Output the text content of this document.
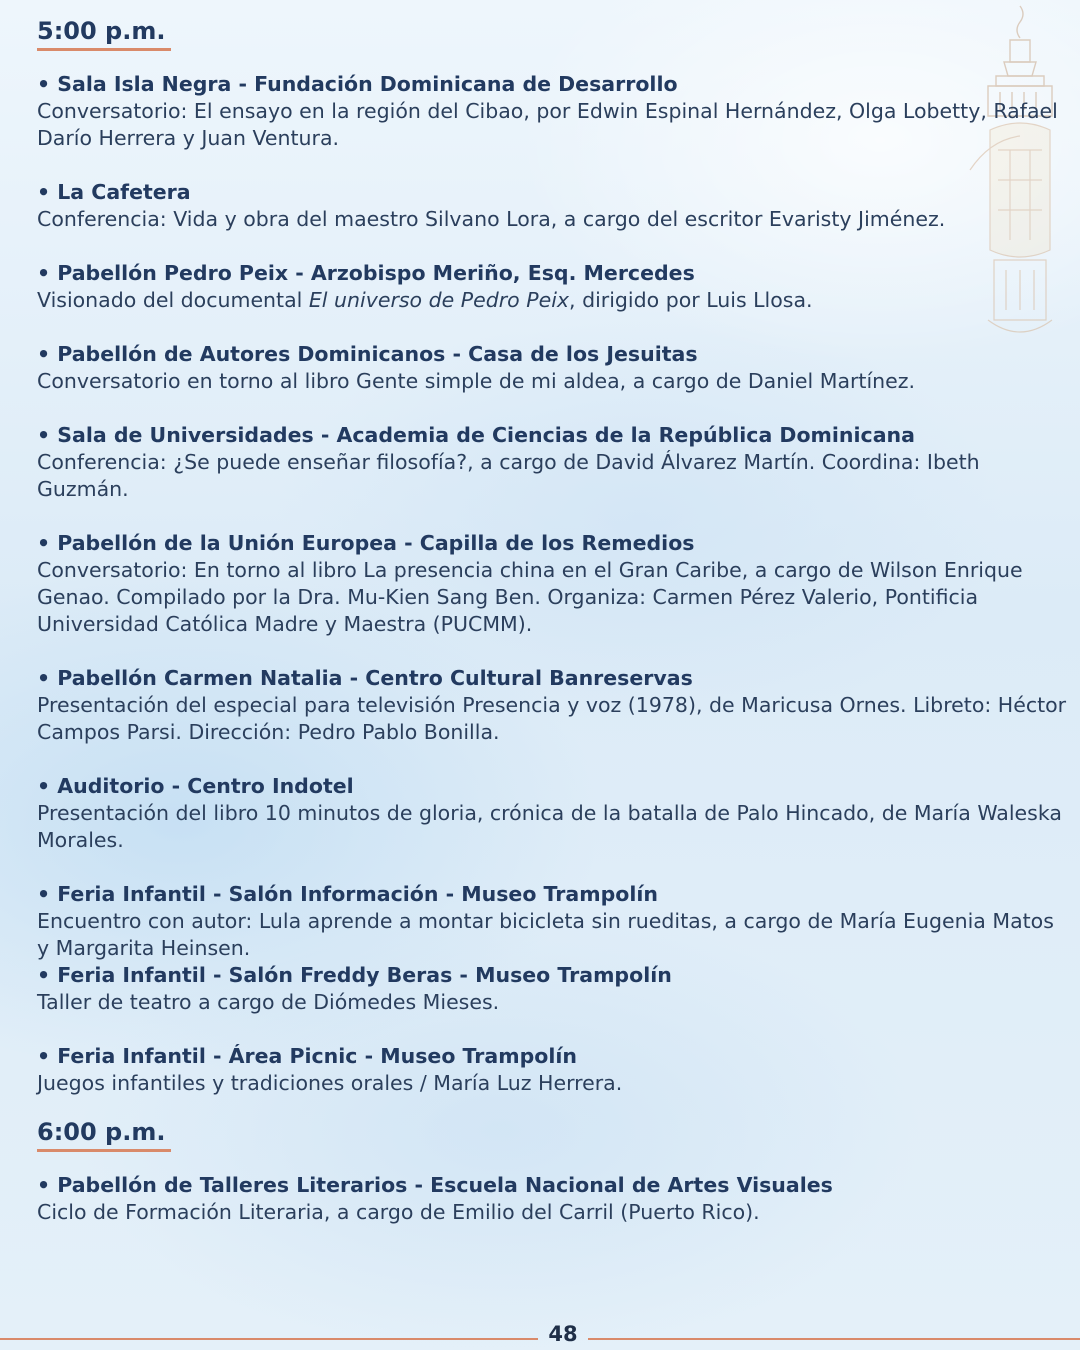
5:00 p.m.
• Sala Isla Negra - Fundación Dominicana de Desarrollo
Conversatorio: El ensayo en la región del Cibao, por Edwin Espinal Hernández, Olga Lobetty, Rafael Darío Herrera y Juan Ventura.
• La Cafetera
Conferencia: Vida y obra del maestro Silvano Lora, a cargo del escritor Evaristy Jiménez.
• Pabellón Pedro Peix - Arzobispo Meriño, Esq. Mercedes
Visionado del documental El universo de Pedro Peix, dirigido por Luis Llosa.
• Pabellón de Autores Dominicanos - Casa de los Jesuitas
Conversatorio en torno al libro Gente simple de mi aldea, a cargo de Daniel Martínez.
• Sala de Universidades - Academia de Ciencias de la República Dominicana
Conferencia: ¿Se puede enseñar filosofía?, a cargo de David Álvarez Martín. Coordina: Ibeth Guzmán.
• Pabellón de la Unión Europea - Capilla de los Remedios
Conversatorio: En torno al libro La presencia china en el Gran Caribe, a cargo de Wilson Enrique Genao. Compilado por la Dra. Mu-Kien Sang Ben. Organiza: Carmen Pérez Valerio, Pontificia Universidad Católica Madre y Maestra (PUCMM).
• Pabellón Carmen Natalia - Centro Cultural Banreservas
Presentación del especial para televisión Presencia y voz (1978), de Maricusa Ornes. Libreto: Héctor Campos Parsi. Dirección: Pedro Pablo Bonilla.
• Auditorio - Centro Indotel
Presentación del libro 10 minutos de gloria, crónica de la batalla de Palo Hincado, de María Waleska Morales.
• Feria Infantil - Salón Información - Museo Trampolín
Encuentro con autor: Lula aprende a montar bicicleta sin rueditas, a cargo de María Eugenia Matos y Margarita Heinsen.
• Feria Infantil - Salón Freddy Beras - Museo Trampolín
Taller de teatro a cargo de Diómedes Mieses.
• Feria Infantil - Área Picnic - Museo Trampolín
Juegos infantiles y tradiciones orales / María Luz Herrera.
6:00 p.m.
• Pabellón de Talleres Literarios - Escuela Nacional de Artes Visuales
Ciclo de Formación Literaria, a cargo de Emilio del Carril (Puerto Rico).
48
